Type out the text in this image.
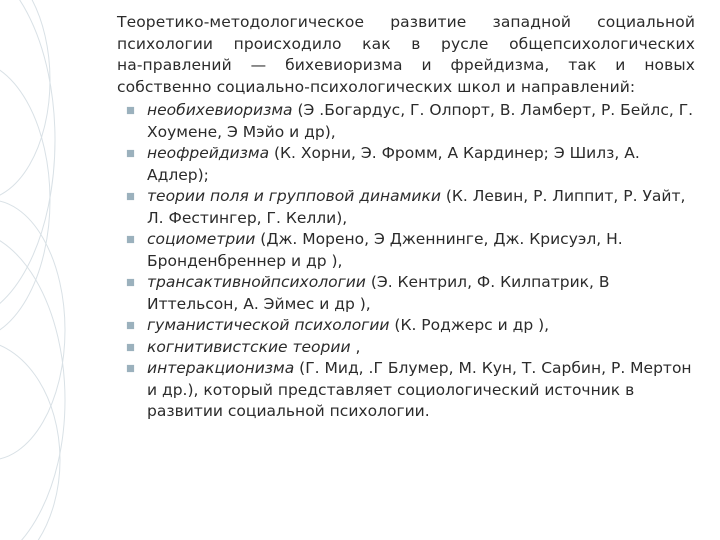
Теоретико-методологическое развитие западной социальной
психологии происходило как в русле общепсихологических
на-правлений — бихевиоризма и фрейдизма, так и новых
собственно социально-психологических школ и направлений:

необихевиоризма (Э .Богардус, Г. Олпорт, В. Ламберт, Р. Бейлс, Г. Хоумене, Э Мэйо и др),
неофрейдизма (К. Хорни, Э. Фромм, А Кардинер; Э Шилз, А. Адлер);
теории поля и групповой динамики (К. Левин, Р. Липпит, Р. Уайт, Л. Фестингер, Г. Келли),
социометрии (Дж. Морено, Э Дженнинге, Дж. Крисуэл, Н. Бронденбреннер и др ),
трансактивнойпсихологии (Э. Кентрил, Ф. Килпатрик, В Иттельсон, А. Эймес и др ),
гуманистической психологии (К. Роджерс и др ),
когнитивистские теории ,
интеракционизма (Г. Мид, .Г Блумер, М. Кун, Т. Сарбин, Р. Мертон и др.), который представляет социологический источник в развитии социальной психологии.
